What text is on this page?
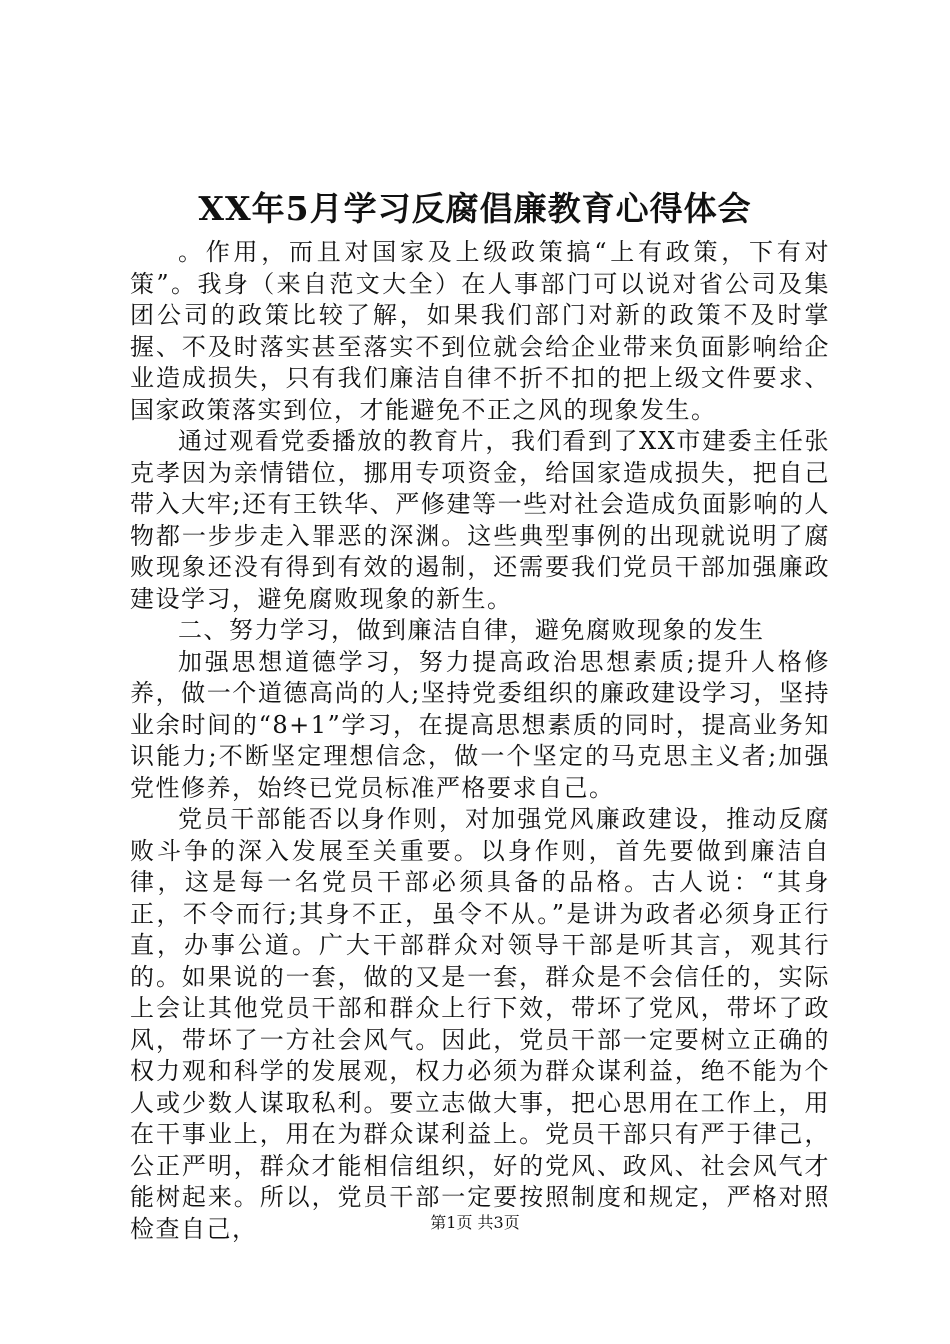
XX年5月学习反腐倡廉教育心得体会

。作用，而且对国家及上级政策搞“上有政策，下有对策”。我身（来自范文大全）在人事部门可以说对省公司及集团公司的政策比较了解，如果我们部门对新的政策不及时掌握、不及时落实甚至落实不到位就会给企业带来负面影响给企业造成损失，只有我们廉洁自律不折不扣的把上级文件要求、国家政策落实到位，才能避免不正之风的现象发生。

通过观看党委播放的教育片，我们看到了XX市建委主任张克孝因为亲情错位，挪用专项资金，给国家造成损失，把自己带入大牢;还有王铁华、严修建等一些对社会造成负面影响的人物都一步步走入罪恶的深渊。这些典型事例的出现就说明了腐败现象还没有得到有效的遏制，还需要我们党员干部加强廉政建设学习，避免腐败现象的新生。

二、努力学习，做到廉洁自律，避免腐败现象的发生

加强思想道德学习，努力提高政治思想素质;提升人格修养，做一个道德高尚的人;坚持党委组织的廉政建设学习，坚持业余时间的“8+1”学习，在提高思想素质的同时，提高业务知识能力;不断坚定理想信念，做一个坚定的马克思主义者;加强党性修养，始终已党员标准严格要求自己。

党员干部能否以身作则，对加强党风廉政建设，推动反腐败斗争的深入发展至关重要。以身作则，首先要做到廉洁自律，这是每一名党员干部必须具备的品格。古人说：“其身正，不令而行;其身不正，虽令不从。”是讲为政者必须身正行直，办事公道。广大干部群众对领导干部是听其言，观其行的。如果说的一套，做的又是一套，群众是不会信任的，实际上会让其他党员干部和群众上行下效，带坏了党风，带坏了政风，带坏了一方社会风气。因此，党员干部一定要树立正确的权力观和科学的发展观，权力必须为群众谋利益，绝不能为个人或少数人谋取私利。要立志做大事，把心思用在工作上，用在干事业上，用在为群众谋利益上。党员干部只有严于律己，公正严明，群众才能相信组织，好的党风、政风、社会风气才能树起来。所以，党员干部一定要按照制度和规定，严格对照检查自己，	第1页 共3页
